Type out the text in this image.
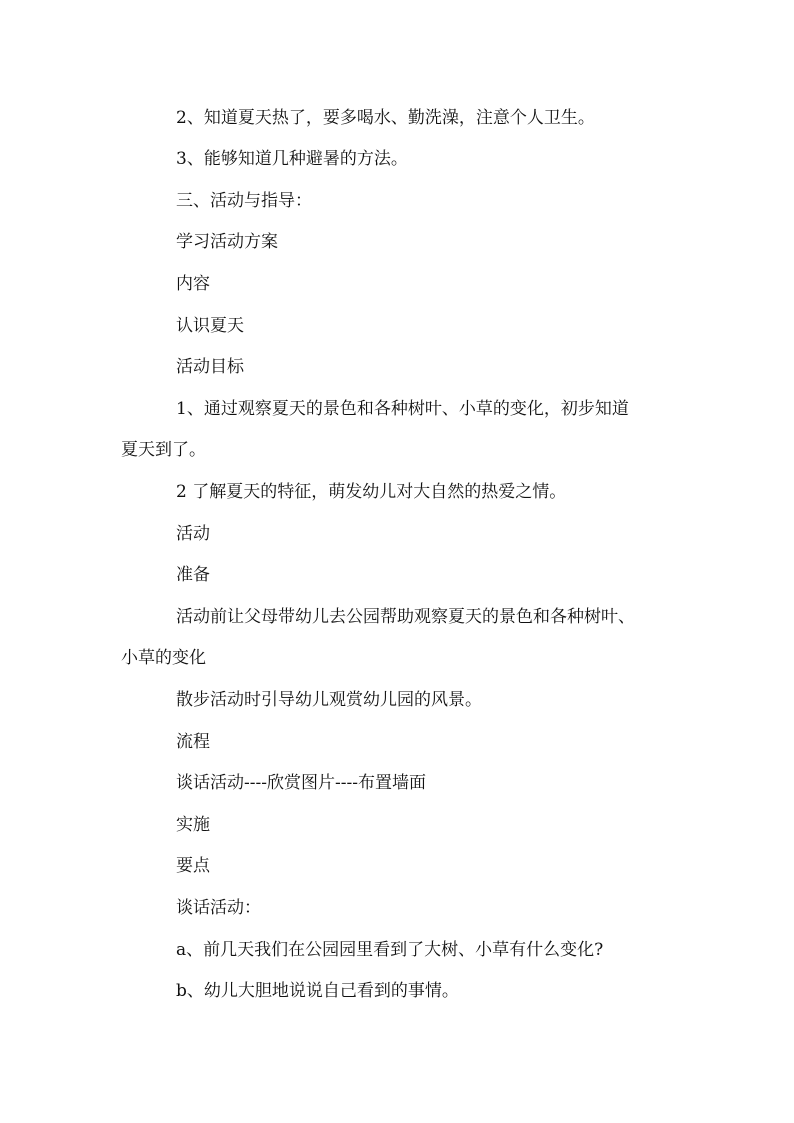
2、知道夏天热了，要多喝水、勤洗澡，注意个人卫生。
3、能够知道几种避暑的方法。
三、活动与指导：
学习活动方案
内容
认识夏天
活动目标
1、通过观察夏天的景色和各种树叶、小草的变化，初步知道
夏天到了。
2 了解夏天的特征，萌发幼儿对大自然的热爱之情。
活动
准备
活动前让父母带幼儿去公园帮助观察夏天的景色和各种树叶、
小草的变化
散步活动时引导幼儿观赏幼儿园的风景。
流程
谈话活动----欣赏图片----布置墙面
实施
要点
谈话活动：
a、前几天我们在公园园里看到了大树、小草有什么变化?
b、幼儿大胆地说说自己看到的事情。
